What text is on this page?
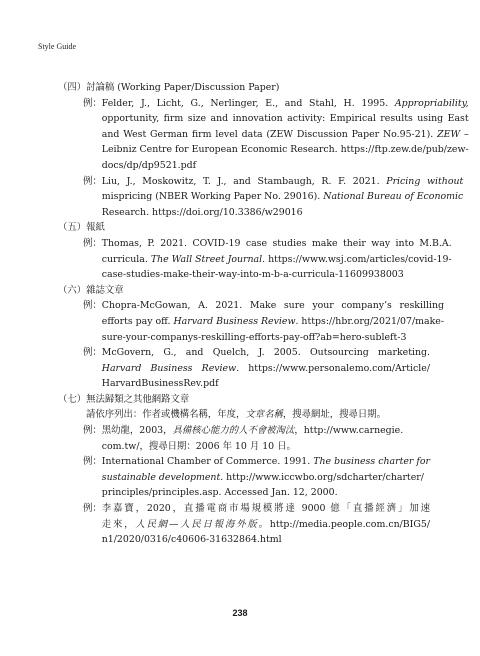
Style Guide
（四）討論稿 (Working Paper/Discussion Paper)
例： Felder, J., Licht, G., Nerlinger, E., and Stahl, H. 1995. Appropriability,
opportunity, firm size and innovation activity: Empirical results using East
and West German firm level data (ZEW Discussion Paper No.95-21). ZEW –
Leibniz Centre for European Economic Research. https://ftp.zew.de/pub/zew-
docs/dp/dp9521.pdf
例： Liu, J., Moskowitz, T. J., and Stambaugh, R. F. 2021. Pricing without
mispricing (NBER Working Paper No. 29016). National Bureau of Economic
Research. https://doi.org/10.3386/w29016
（五）報紙
例： Thomas, P. 2021. COVID-19 case studies make their way into M.B.A.
curricula. The Wall Street Journal. https://www.wsj.com/articles/covid-19-
case-studies-make-their-way-into-m-b-a-curricula-11609938003
（六）雜誌文章
例： Chopra-McGowan, A. 2021. Make sure your company’s reskilling
efforts pay off. Harvard Business Review. https://hbr.org/2021/07/make-
sure-your-companys-reskilling-efforts-pay-off?ab=hero-subleft-3
例： McGovern, G., and Quelch, J. 2005. Outsourcing marketing.
Harvard Business Review. https://www.personalemo.com/Article/
HarvardBusinessRev.pdf
（七）無法歸類之其他網路文章
請依序列出：作者或機構名稱，年度，文章名稱，搜尋網址，搜尋日期。
例： 黑幼龍，2003，具備核心能力的人不會被淘汰，http://www.carnegie.
com.tw/，搜尋日期：2006 年 10 月 10 日。
例： International Chamber of Commerce. 1991. The business charter for
sustainable development. http://www.iccwbo.org/sdcharter/charter/
principles/principles.asp. Accessed Jan. 12, 2000.
例： 李嘉寶，2020，直播電商市場規模將達 9000 億「直播經濟」加速
走來，人民網—人民日報海外版。http://media.people.com.cn/BIG5/
n1/2020/0316/c40606-31632864.html
238
